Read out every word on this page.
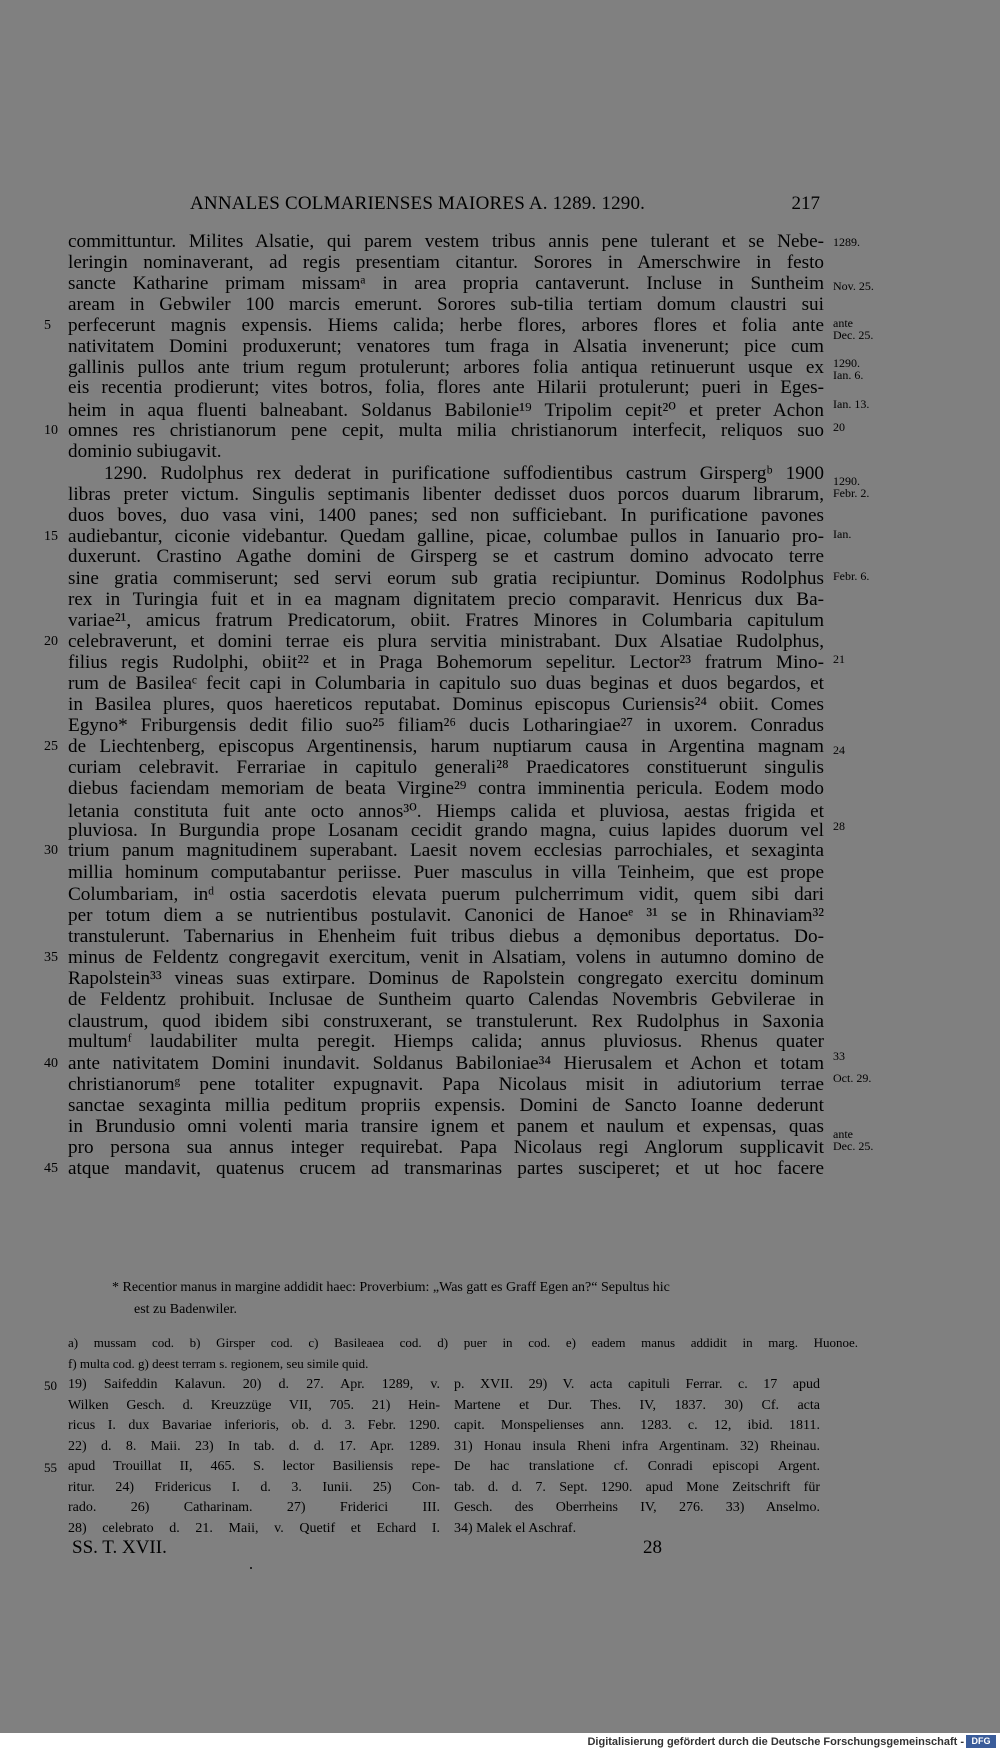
ANNALES COLMARIENSES MAIORES A. 1289. 1290.	217
committuntur. Milites Alsatie, qui parem vestem tribus annis pene tulerant et se Nebe-
leringin nominaverant, ad regis presentiam citantur. Sorores in Amerschwire in festo
sancte Katharine primam missamᵃ in area propria cantaverunt. Incluse in Suntheim
aream in Gebwiler 100 marcis emerunt. Sorores sub-tilia tertiam domum claustri sui
perfecerunt magnis expensis. Hiems calida; herbe flores, arbores flores et folia ante
nativitatem Domini produxerunt; venatores tum fraga in Alsatia invenerunt; pice cum
gallinis pullos ante trium regum protulerunt; arbores folia antiqua retinuerunt usque ex
eis recentia prodierunt; vites botros, folia, flores ante Hilarii protulerunt; pueri in Eges-
heim in aqua fluenti balneabant. Soldanus Babilonie¹⁹ Tripolim cepit²⁰ et preter Achon
omnes res christianorum pene cepit, multa milia christianorum interfecit, reliquos suo
dominio subiugavit.
1290. Rudolphus rex dederat in purificatione suffodientibus castrum Girspergᵇ 1900
libras preter victum. Singulis septimanis libenter dedisset duos porcos duarum librarum,
duos boves, duo vasa vini, 1400 panes; sed non sufficiebant. In purificatione pavones
audiebantur, ciconie videbantur. Quedam galline, picae, columbae pullos in Ianuario pro-
duxerunt. Crastino Agathe domini de Girsperg se et castrum domino advocato terre
sine gratia commiserunt; sed servi eorum sub gratia recipiuntur. Dominus Rodolphus
rex in Turingia fuit et in ea magnam dignitatem precio comparavit. Henricus dux Ba-
variae²¹, amicus fratrum Predicatorum, obiit. Fratres Minores in Columbaria capitulum
celebraverunt, et domini terrae eis plura servitia ministrabant. Dux Alsatiae Rudolphus,
filius regis Rudolphi, obiit²² et in Praga Bohemorum sepelitur. Lector²³ fratrum Mino-
rum de Basileaᶜ fecit capi in Columbaria in capitulo suo duas beginas et duos begardos, et
in Basilea plures, quos haereticos reputabat. Dominus episcopus Curiensis²⁴ obiit. Comes
Egyno* Friburgensis dedit filio suo²⁵ filiam²⁶ ducis Lotharingiae²⁷ in uxorem. Conradus
de Liechtenberg, episcopus Argentinensis, harum nuptiarum causa in Argentina magnam
curiam celebravit. Ferrariae in capitulo generali²⁸ Praedicatores constituerunt singulis
diebus faciendam memoriam de beata Virgine²⁹ contra imminentia pericula. Eodem modo
letania constituta fuit ante octo annos³⁰. Hiemps calida et pluviosa, aestas frigida et
pluviosa. In Burgundia prope Losanam cecidit grando magna, cuius lapides duorum vel
trium panum magnitudinem superabant. Laesit novem ecclesias parrochiales, et sexaginta
millia hominum computabantur periisse. Puer masculus in villa Teinheim, que est prope
Columbariam, inᵈ ostia sacerdotis elevata puerum pulcherrimum vidit, quem sibi dari
per totum diem a se nutrientibus postulavit. Canonici de Hanoeᵉ ³¹ se in Rhinaviam³²
transtulerunt. Tabernarius in Ehenheim fuit tribus diebus a dẹmonibus deportatus. Do-
minus de Feldentz congregavit exercitum, venit in Alsatiam, volens in autumno domino de
Rapolstein³³ vineas suas extirpare. Dominus de Rapolstein congregato exercitu dominum
de Feldentz prohibuit. Inclusae de Suntheim quarto Calendas Novembris Gebvilerae in
claustrum, quod ibidem sibi construxerant, se transtulerunt. Rex Rudolphus in Saxonia
multumᶠ laudabiliter multa peregit. Hiemps calida; annus pluviosus. Rhenus quater
ante nativitatem Domini inundavit. Soldanus Babiloniae³⁴ Hierusalem et Achon et totam
christianorumᵍ pene totaliter expugnavit. Papa Nicolaus misit in adiutorium terrae
sanctae sexaginta millia peditum propriis expensis. Domini de Sancto Ioanne dederunt
in Brundusio omni volenti maria transire ignem et panem et naulum et expensas, quas
pro persona sua annus integer requirebat. Papa Nicolaus regi Anglorum supplicavit
atque mandavit, quatenus crucem ad transmarinas partes susciperet; et ut hoc facere
5
10
15
20
25
30
35
40
45
1289.
Nov. 25.
ante
Dec. 25.
1290.
Ian. 6.
Ian. 13.
20
1290.
Febr. 2.
Ian.
Febr. 6.
21
24
28
33
Oct. 29.
ante
Dec. 25.
* Recentior manus in margine addidit haec: Proverbium: „Was gatt es Graff Egen an?“ Sepultus hic
est zu Badenwiler.
a) mussam cod. b) Girsper cod. c) Basileaea cod. d) puer in cod. e) eadem manus addidit in marg. Huonoe.
f) multa cod. g) deest terram s. regionem, seu simile quid.
19) Saifeddin Kalavun. 20) d. 27. Apr. 1289, v.
Wilken Gesch. d. Kreuzzüge VII, 705. 21) Hein-
ricus I. dux Bavariae inferioris, ob. d. 3. Febr. 1290.
22) d. 8. Maii. 23) In tab. d. d. 17. Apr. 1289.
apud Trouillat II, 465. S. lector Basiliensis repe-
ritur. 24) Fridericus I. d. 3. Iunii. 25) Con-
rado. 26) Catharinam. 27) Friderici III.
28) celebrato d. 21. Maii, v. Quetif et Echard I.
p. XVII. 29) V. acta capituli Ferrar. c. 17 apud
Martene et Dur. Thes. IV, 1837. 30) Cf. acta
capit. Monspelienses ann. 1283. c. 12, ibid. 1811.
31) Honau insula Rheni infra Argentinam. 32) Rheinau.
De hac translatione cf. Conradi episcopi Argent.
tab. d. d. 7. Sept. 1290. apud Mone Zeitschrift für
Gesch. des Oberrheins IV, 276. 33) Anselmo.
34) Malek el Aschraf.
50
55
SS. T. XVII.	28
Digitalisierung gefördert durch die Deutsche Forschungsgemeinschaft - DFG
